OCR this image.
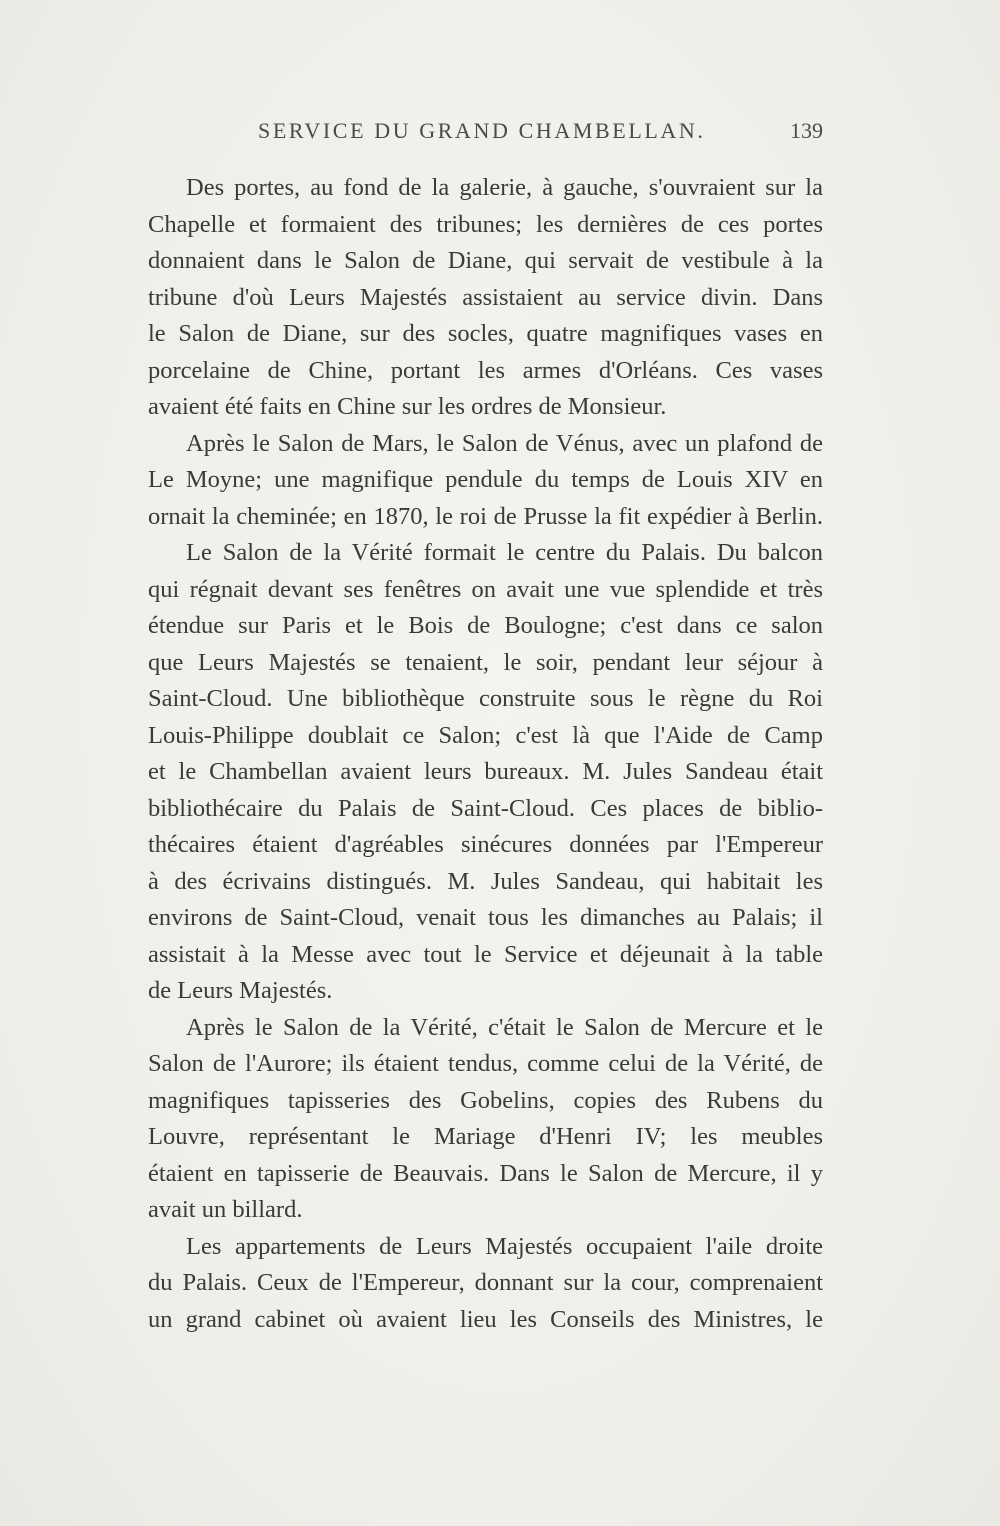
SERVICE DU GRAND CHAMBELLAN.	139

Des portes, au fond de la galerie, à gauche, s'ouvraient sur la
Chapelle et formaient des tribunes; les dernières de ces portes
donnaient dans le Salon de Diane, qui servait de vestibule à la
tribune d'où Leurs Majestés assistaient au service divin. Dans
le Salon de Diane, sur des socles, quatre magnifiques vases en
porcelaine de Chine, portant les armes d'Orléans. Ces vases
avaient été faits en Chine sur les ordres de Monsieur.

Après le Salon de Mars, le Salon de Vénus, avec un plafond de
Le Moyne; une magnifique pendule du temps de Louis XIV en
ornait la cheminée; en 1870, le roi de Prusse la fit expédier à Berlin.

Le Salon de la Vérité formait le centre du Palais. Du balcon
qui régnait devant ses fenêtres on avait une vue splendide et très
étendue sur Paris et le Bois de Boulogne; c'est dans ce salon
que Leurs Majestés se tenaient, le soir, pendant leur séjour à
Saint-Cloud. Une bibliothèque construite sous le règne du Roi
Louis-Philippe doublait ce Salon; c'est là que l'Aide de Camp
et le Chambellan avaient leurs bureaux. M. Jules Sandeau était
bibliothécaire du Palais de Saint-Cloud. Ces places de biblio-
thécaires étaient d'agréables sinécures données par l'Empereur
à des écrivains distingués. M. Jules Sandeau, qui habitait les
environs de Saint-Cloud, venait tous les dimanches au Palais; il
assistait à la Messe avec tout le Service et déjeunait à la table
de Leurs Majestés.

Après le Salon de la Vérité, c'était le Salon de Mercure et le
Salon de l'Aurore; ils étaient tendus, comme celui de la Vérité, de
magnifiques tapisseries des Gobelins, copies des Rubens du
Louvre, représentant le Mariage d'Henri IV; les meubles
étaient en tapisserie de Beauvais. Dans le Salon de Mercure, il y
avait un billard.

Les appartements de Leurs Majestés occupaient l'aile droite
du Palais. Ceux de l'Empereur, donnant sur la cour, comprenaient
un grand cabinet où avaient lieu les Conseils des Ministres, le
